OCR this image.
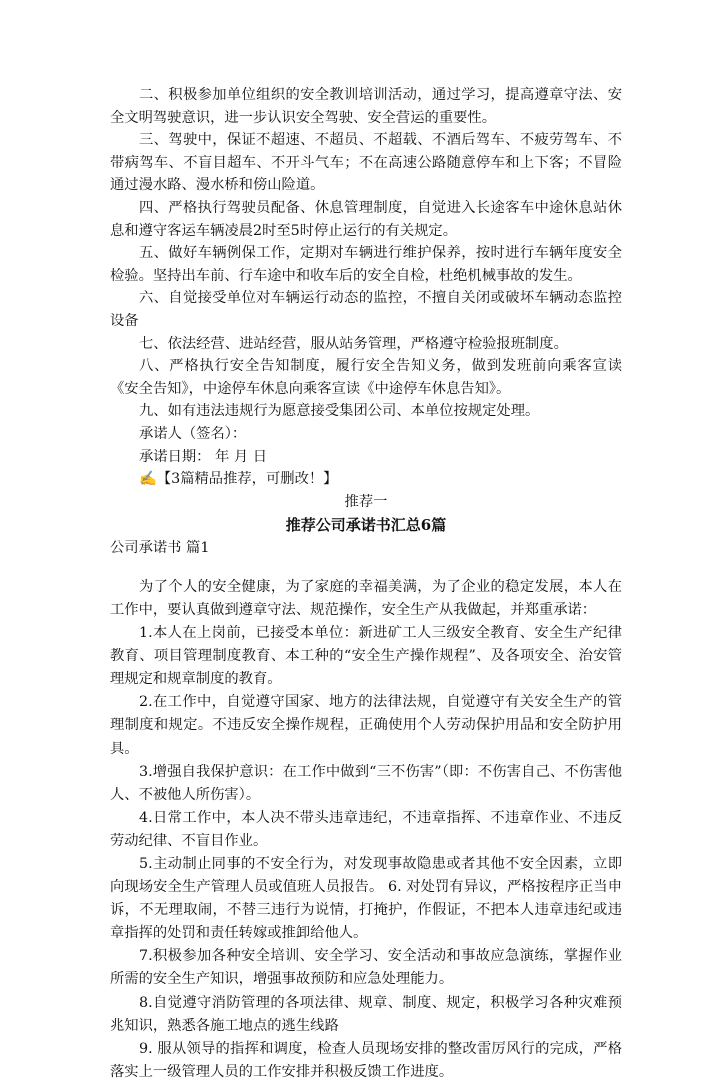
二、积极参加单位组织的安全教训培训活动，通过学习，提高遵章守法、安全文明驾驶意识，进一步认识安全驾驶、安全营运的重要性。

三、驾驶中，保证不超速、不超员、不超载、不酒后驾车、不疲劳驾车、不带病驾车、不盲目超车、不开斗气车；不在高速公路随意停车和上下客；不冒险通过漫水路、漫水桥和傍山险道。

四、严格执行驾驶员配备、休息管理制度，自觉进入长途客车中途休息站休息和遵守客运车辆凌晨2时至5时停止运行的有关规定。

五、做好车辆例保工作，定期对车辆进行维护保养，按时进行车辆年度安全检验。坚持出车前、行车途中和收车后的安全自检，杜绝机械事故的发生。

六、自觉接受单位对车辆运行动态的监控，不擅自关闭或破坏车辆动态监控设备

七、依法经营、进站经营，服从站务管理，严格遵守检验报班制度。

八、严格执行安全告知制度，履行安全告知义务，做到发班前向乘客宣读《安全告知》，中途停车休息向乘客宣读《中途停车休息告知》。

九、如有违法违规行为愿意接受集团公司、本单位按规定处理。

承诺人（签名）：

承诺日期： 年 月 日

✍【3篇精品推荐，可删改！】

推荐一

推荐公司承诺书汇总6篇

公司承诺书 篇1

为了个人的安全健康，为了家庭的幸福美满，为了企业的稳定发展，本人在工作中，要认真做到遵章守法、规范操作，安全生产从我做起，并郑重承诺：

1.本人在上岗前，已接受本单位：新进矿工人三级安全教育、安全生产纪律教育、项目管理制度教育、本工种的“安全生产操作规程”、及各项安全、治安管理规定和规章制度的教育。

2.在工作中，自觉遵守国家、地方的法律法规，自觉遵守有关安全生产的管理制度和规定。不违反安全操作规程，正确使用个人劳动保护用品和安全防护用具。

3.增强自我保护意识：在工作中做到“三不伤害”（即：不伤害自己、不伤害他人、不被他人所伤害）。

4.日常工作中，本人决不带头违章违纪，不违章指挥、不违章作业、不违反劳动纪律、不盲目作业。

5.主动制止同事的不安全行为，对发现事故隐患或者其他不安全因素，立即向现场安全生产管理人员或值班人员报告。 6. 对处罚有异议，严格按程序正当申诉，不无理取闹，不替三违行为说情，打掩护，作假证，不把本人违章违纪或违章指挥的处罚和责任转嫁或推卸给他人。

7.积极参加各种安全培训、安全学习、安全活动和事故应急演练，掌握作业所需的安全生产知识，增强事故预防和应急处理能力。

8.自觉遵守消防管理的各项法律、规章、制度、规定，积极学习各种灾难预兆知识，熟悉各施工地点的逃生线路

9. 服从领导的指挥和调度，检查人员现场安排的整改雷厉风行的完成，严格落实上一级管理人员的工作安排并积极反馈工作进度。
